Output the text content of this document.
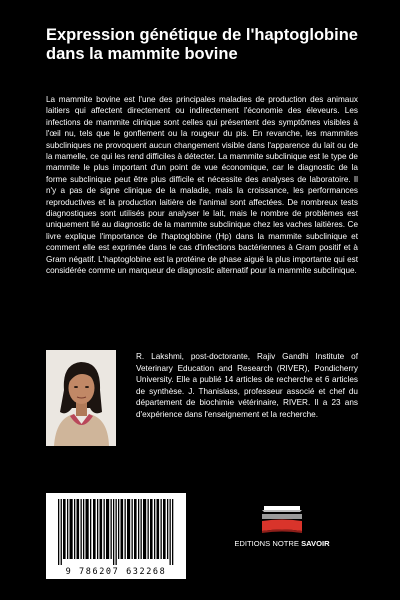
Expression génétique de l'haptoglobine dans la mammite bovine

La mammite bovine est l'une des principales maladies de production des animaux laitiers qui affectent directement ou indirectement l'économie des éleveurs. Les infections de mammite clinique sont celles qui présentent des symptômes visibles à l'œil nu, tels que le gonflement ou la rougeur du pis. En revanche, les mammites subcliniques ne provoquent aucun changement visible dans l'apparence du lait ou de la mamelle, ce qui les rend difficiles à détecter. La mammite subclinique est le type de mammite le plus important d'un point de vue économique, car le diagnostic de la forme subclinique peut être plus difficile et nécessite des analyses de laboratoire. Il n'y a pas de signe clinique de la maladie, mais la croissance, les performances reproductives et la production laitière de l'animal sont affectées. De nombreux tests diagnostiques sont utilisés pour analyser le lait, mais le nombre de problèmes est uniquement lié au diagnostic de la mammite subclinique chez les vaches laitières. Ce livre explique l'importance de l'haptoglobine (Hp) dans la mammite subclinique et comment elle est exprimée dans le cas d'infections bactériennes à Gram positif et à Gram négatif. L'haptoglobine est la protéine de phase aiguë la plus importante qui est considérée comme un marqueur de diagnostic alternatif pour la mammite subclinique.

R. Lakshmi, post-doctorante, Rajiv Gandhi Institute of Veterinary Education and Research (RIVER), Pondicherry University. Elle a publié 14 articles de recherche et 6 articles de synthèse. J. Thanislass, professeur associé et chef du département de biochimie vétérinaire, RIVER. Il a 23 ans d'expérience dans l'enseignement et la recherche.

9 786207 632268
EDITIONS NOTRE SAVOIR
